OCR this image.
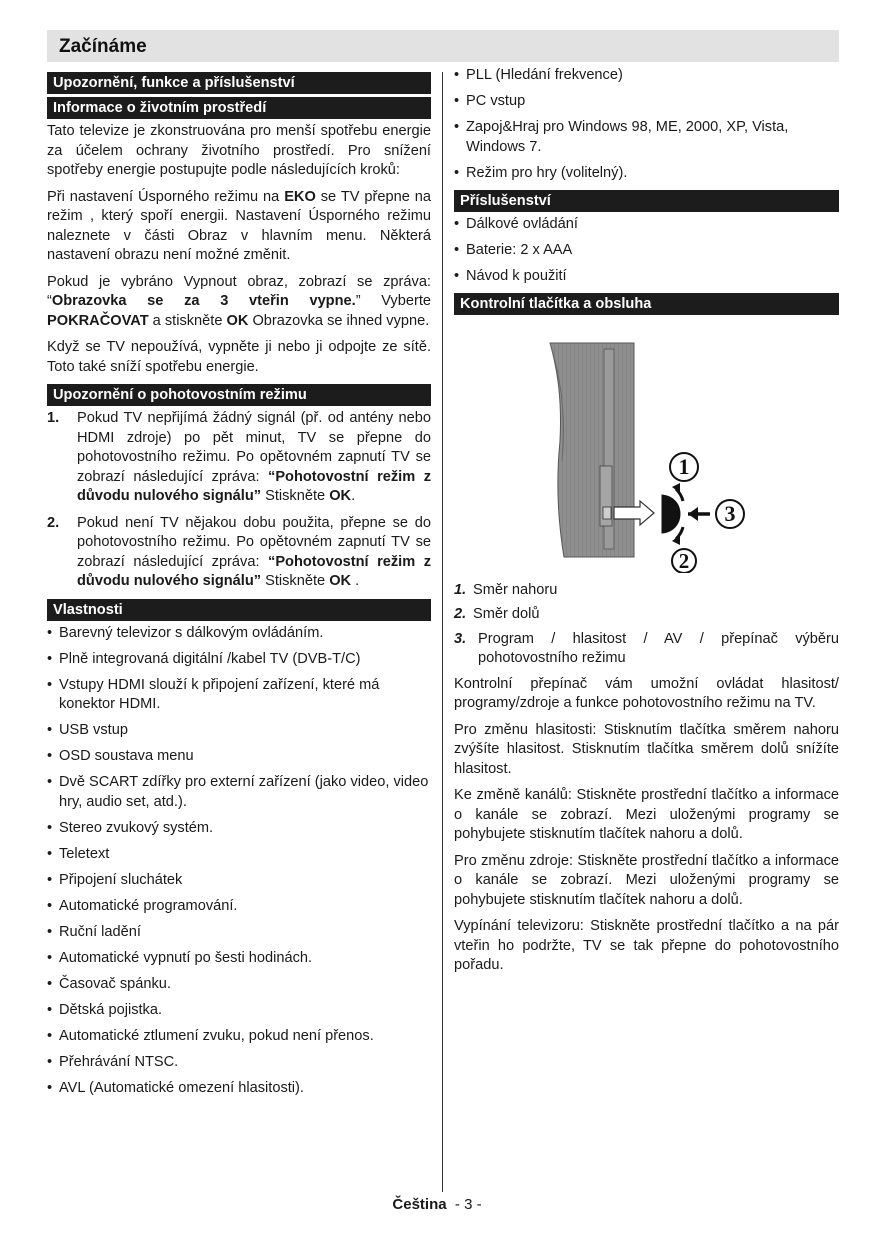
Začínáme
Upozornění, funkce a příslušenství
Informace o životním prostředí

Tato televize je zkonstruována pro menší spotřebu energie za účelem ochrany životního prostředí. Pro snížení spotřeby energie postupujte podle následujících kroků:

Při nastavení Úsporného režimu na EKO se TV přepne na režim , který spoří energii. Nastavení Úsporného režimu naleznete v části Obraz v hlavním menu. Některá nastavení obrazu není možné změnit.

Pokud je vybráno Vypnout obraz, zobrazí se zpráva: “Obrazovka se za 3 vteřin vypne.” Vyberte POKRAČOVAT a stiskněte OK Obrazovka se ihned vypne.

Když se TV nepoužívá, vypněte ji nebo ji odpojte ze sítě. Toto také sníží spotřebu energie.

Upozornění o pohotovostním režimu
1. Pokud TV nepřijímá žádný signál (př. od antény nebo HDMI zdroje) po pět minut, TV se přepne do pohotovostního režimu. Po opětovném zapnutí TV se zobrazí následující zpráva: “Pohotovostní režim z důvodu nulového signálu” Stiskněte OK.
2. Pokud není TV nějakou dobu použita, přepne se do pohotovostního režimu. Po opětovném zapnutí TV se zobrazí následující zpráva: “Pohotovostní režim z důvodu nulového signálu” Stiskněte OK .
Vlastnosti
• Barevný televizor s dálkovým ovládáním.
• Plně integrovaná digitální /kabel TV (DVB-T/C)
• Vstupy HDMI slouží k připojení zařízení, které má konektor HDMI.
• USB vstup
• OSD soustava menu
• Dvě SCART zdířky pro externí zařízení (jako video, video hry, audio set, atd.).
• Stereo zvukový systém.
• Teletext
• Připojení sluchátek
• Automatické programování.
• Ruční ladění
• Automatické vypnutí po šesti hodinách.
• Časovač spánku.
• Dětská pojistka.
• Automatické ztlumení zvuku, pokud není přenos.
• Přehrávání NTSC.
• AVL (Automatické omezení hlasitosti).
• PLL (Hledání frekvence)
• PC vstup
• Zapoj&Hraj pro Windows 98, ME, 2000, XP, Vista, Windows 7.
• Režim pro hry (volitelný).
Příslušenství
• Dálkové ovládání
• Baterie: 2 x AAA
• Návod k použití
Kontrolní tlačítka a obsluha
1
3
2
1. Směr nahoru
2. Směr dolů
3. Program / hlasitost / AV / přepínač výběru pohotovostního režimu

Kontrolní přepínač vám umožní ovládat hlasitost/ programy/zdroje a funkce pohotovostního režimu na TV.

Pro změnu hlasitosti: Stisknutím tlačítka směrem nahoru zvýšíte hlasitost. Stisknutím tlačítka směrem dolů snížíte hlasitost.

Ke změně kanálů: Stiskněte prostřední tlačítko a informace o kanále se zobrazí. Mezi uloženými programy se pohybujete stisknutím tlačítek nahoru a dolů.

Pro změnu zdroje: Stiskněte prostřední tlačítko a informace o kanále se zobrazí. Mezi uloženými programy se pohybujete stisknutím tlačítek nahoru a dolů.

Vypínání televizoru: Stiskněte prostřední tlačítko a na pár vteřin ho podržte, TV se tak přepne do pohotovostního pořadu.

Čeština - 3 -
